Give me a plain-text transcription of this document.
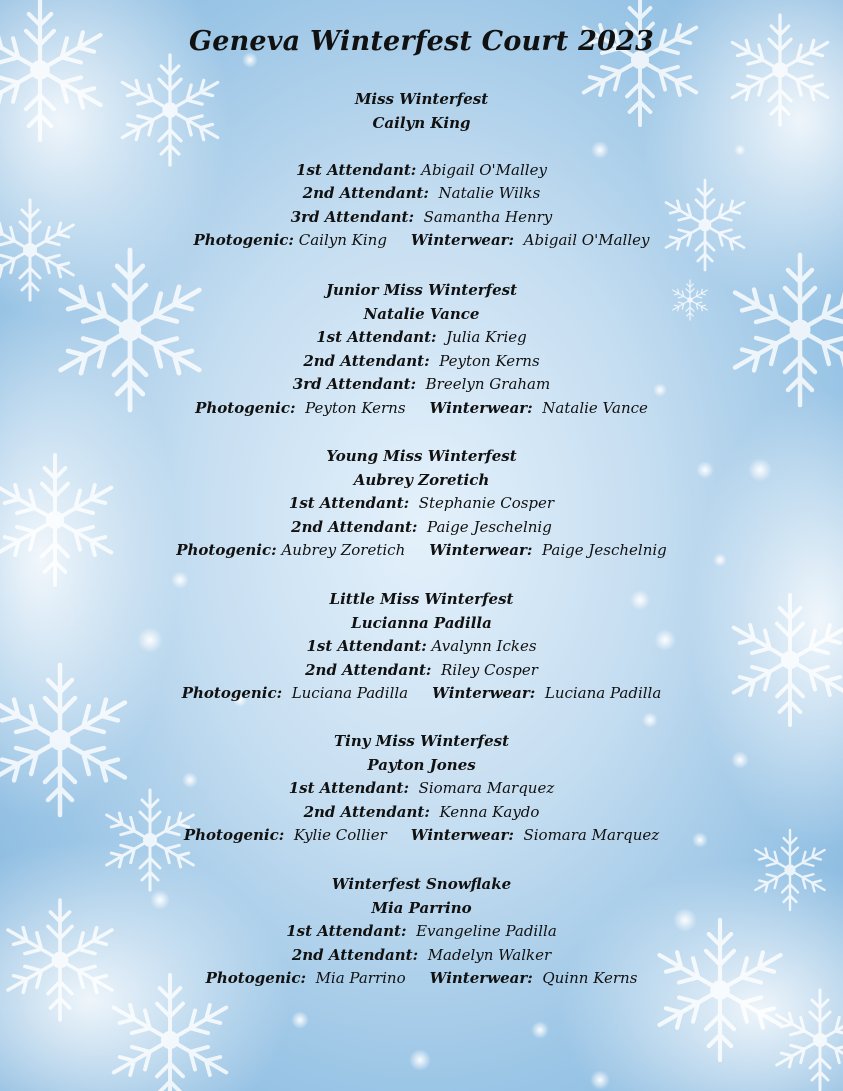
Geneva Winterfest Court 2023
Miss Winterfest
Cailyn King
1st Attendant: Abigail O'Malley
2nd Attendant: Natalie Wilks
3rd Attendant: Samantha Henry
Photogenic: Cailyn King Winterwear: Abigail O'Malley
Junior Miss Winterfest
Natalie Vance
1st Attendant: Julia Krieg
2nd Attendant: Peyton Kerns
3rd Attendant: Breelyn Graham
Photogenic: Peyton Kerns Winterwear: Natalie Vance
Young Miss Winterfest
Aubrey Zoretich
1st Attendant: Stephanie Cosper
2nd Attendant: Paige Jeschelnig
Photogenic: Aubrey Zoretich Winterwear: Paige Jeschelnig
Little Miss Winterfest
Lucianna Padilla
1st Attendant: Avalynn Ickes
2nd Attendant: Riley Cosper
Photogenic: Luciana Padilla Winterwear: Luciana Padilla
Tiny Miss Winterfest
Payton Jones
1st Attendant: Siomara Marquez
2nd Attendant: Kenna Kaydo
Photogenic: Kylie Collier Winterwear: Siomara Marquez
Winterfest Snowflake
Mia Parrino
1st Attendant: Evangeline Padilla
2nd Attendant: Madelyn Walker
Photogenic: Mia Parrino Winterwear: Quinn Kerns
